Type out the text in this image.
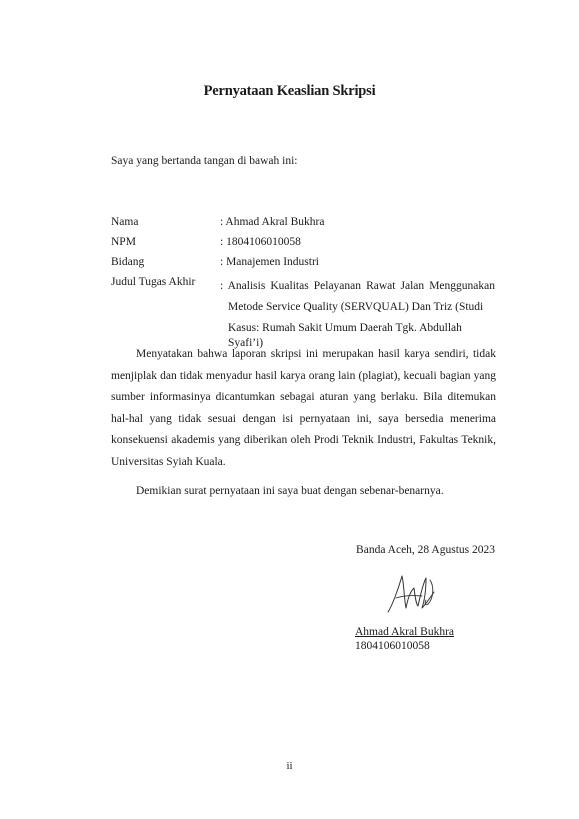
Pernyataan Keaslian Skripsi
Saya yang bertanda tangan di bawah ini:
Nama	: Ahmad Akral Bukhra
NPM	: 1804106010058
Bidang	: Manajemen Industri
Judul Tugas Akhir : Analisis Kualitas Pelayanan Rawat Jalan Menggunakan
Metode Service Quality (SERVQUAL) Dan Triz (Studi
Kasus: Rumah Sakit Umum Daerah Tgk. Abdullah
Syafi’i)
Menyatakan bahwa laporan skripsi ini merupakan hasil karya sendiri, tidak menjiplak dan tidak menyadur hasil karya orang lain (plagiat), kecuali bagian yang sumber informasinya dicantumkan sebagai aturan yang berlaku. Bila ditemukan hal-hal yang tidak sesuai dengan isi pernyataan ini, saya bersedia menerima konsekuensi akademis yang diberikan oleh Prodi Teknik Industri, Fakultas Teknik, Universitas Syiah Kuala.
Demikian surat pernyataan ini saya buat dengan sebenar-benarnya.
Banda Aceh, 28 Agustus 2023
Ahmad Akral Bukhra
1804106010058
ii
